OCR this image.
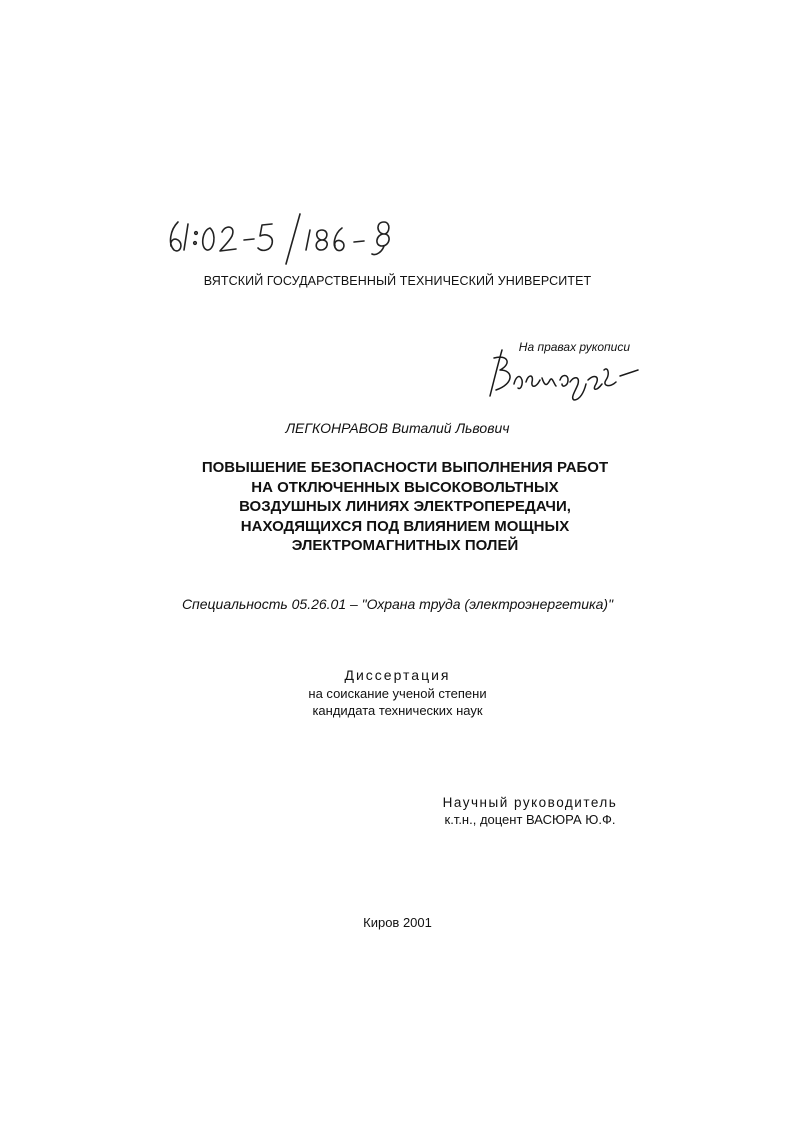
ВЯТСКИЙ ГОСУДАРСТВЕННЫЙ ТЕХНИЧЕСКИЙ УНИВЕРСИТЕТ
На правах рукописи
ЛЕГКОНРАВОВ Виталий Львович
ПОВЫШЕНИЕ БЕЗОПАСНОСТИ ВЫПОЛНЕНИЯ РАБОТ
НА ОТКЛЮЧЕННЫХ ВЫСОКОВОЛЬТНЫХ
ВОЗДУШНЫХ ЛИНИЯХ ЭЛЕКТРОПЕРЕДАЧИ,
НАХОДЯЩИХСЯ ПОД ВЛИЯНИЕМ МОЩНЫХ
ЭЛЕКТРОМАГНИТНЫХ ПОЛЕЙ
Специальность 05.26.01 – "Охрана труда (электроэнергетика)"
Диссертация
на соискание ученой степени
кандидата технических наук
Научный руководитель
к.т.н., доцент ВАСЮРА Ю.Ф.
Киров 2001
